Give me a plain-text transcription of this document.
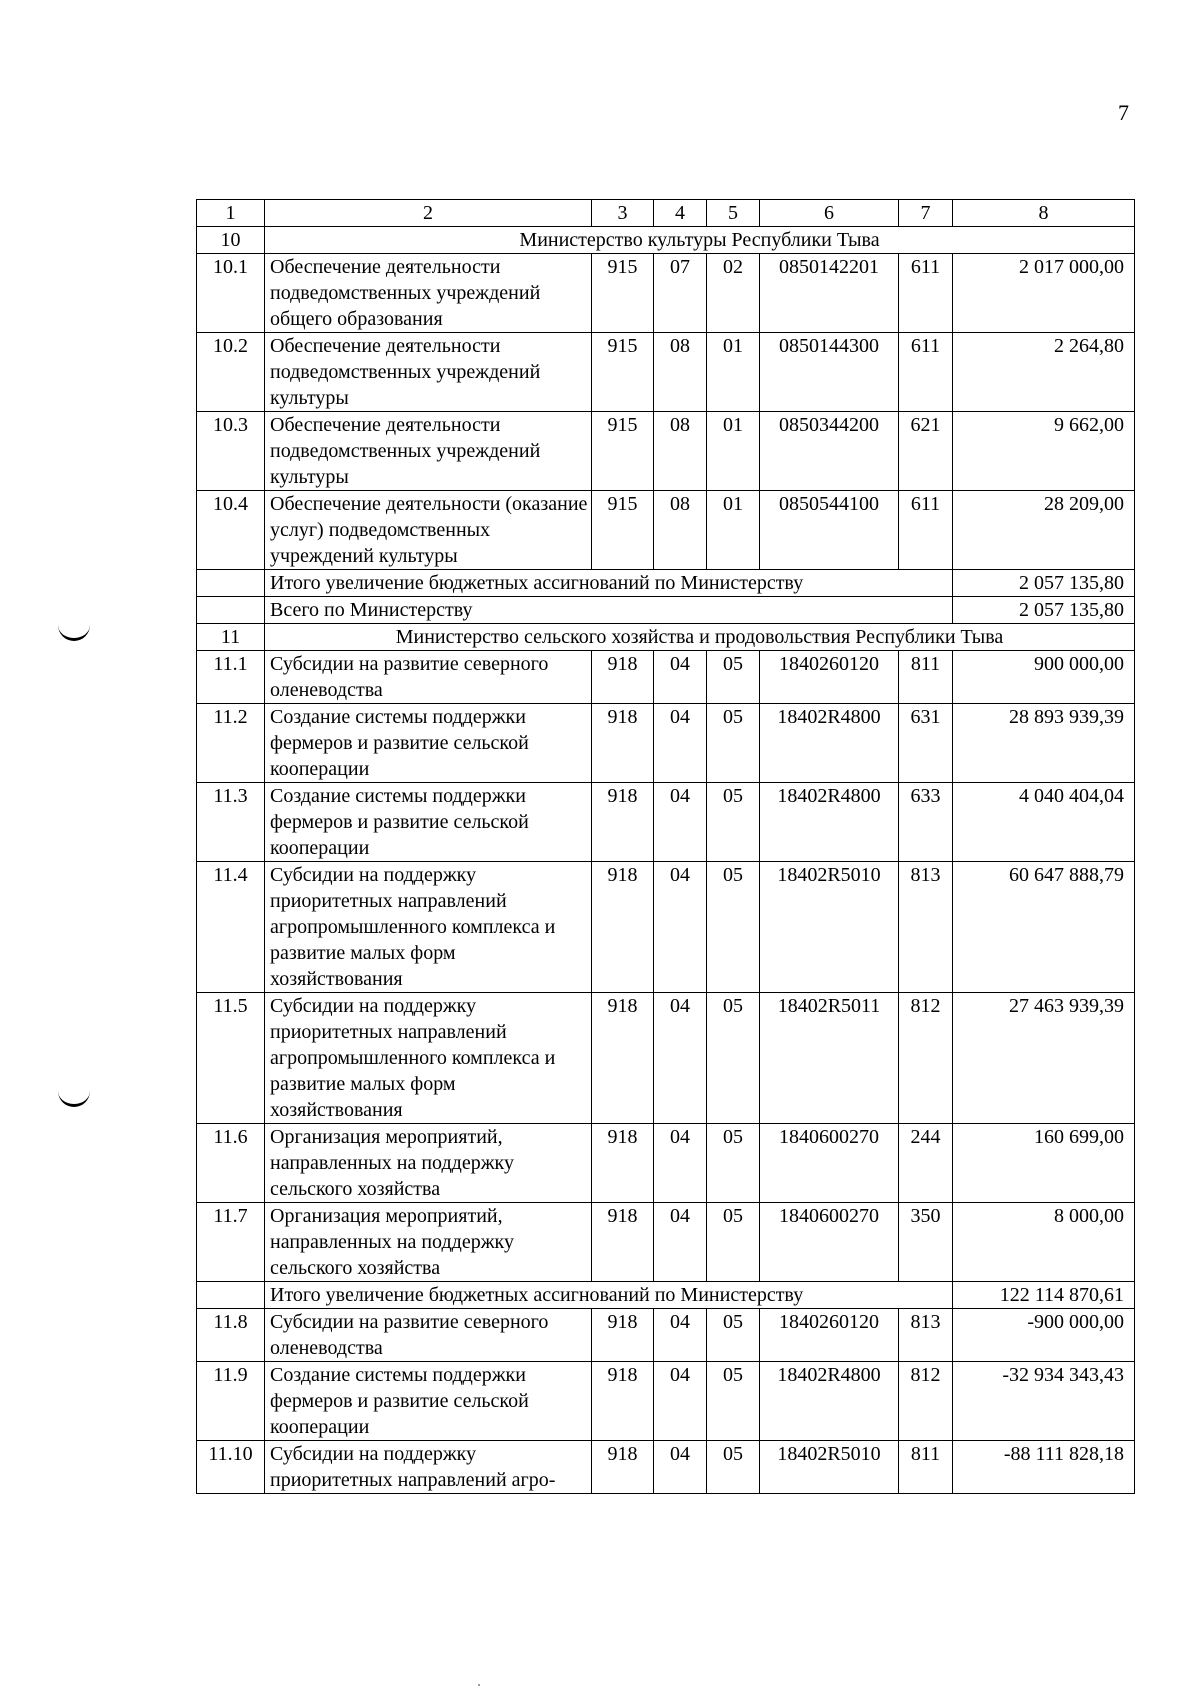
7
1	2	3	4	5	6	7	8
10	Министерство культуры Республики Тыва						
10.1	Обеспечение деятельности подведомственных учреждений общего образования	915	07	02	0850142201	611	2 017 000,00
10.2	Обеспечение деятельности подведомственных учреждений культуры	915	08	01	0850144300	611	2 264,80
10.3	Обеспечение деятельности подведомственных учреждений культуры	915	08	01	0850344200	621	9 662,00
10.4	Обеспечение деятельности (оказание услуг) подведомственных учреждений культуры	915	08	01	0850544100	611	28 209,00
	Итого увеличение бюджетных ассигнований по Министерству						2 057 135,80
	Всего по Министерству						2 057 135,80
11	Министерство сельского хозяйства и продовольствия Республики Тыва						
11.1	Субсидии на развитие северного оленеводства	918	04	05	1840260120	811	900 000,00
11.2	Создание системы поддержки фермеров и развитие сельской кооперации	918	04	05	18402R4800	631	28 893 939,39
11.3	Создание системы поддержки фермеров и развитие сельской кооперации	918	04	05	18402R4800	633	4 040 404,04
11.4	Субсидии на поддержку приоритетных направлений агропромышленного комплекса и развитие малых форм хозяйствования	918	04	05	18402R5010	813	60 647 888,79
11.5	Субсидии на поддержку приоритетных направлений агропромышленного комплекса и развитие малых форм хозяйствования	918	04	05	18402R5011	812	27 463 939,39
11.6	Организация мероприятий, направленных на поддержку сельского хозяйства	918	04	05	1840600270	244	160 699,00
11.7	Организация мероприятий, направленных на поддержку сельского хозяйства	918	04	05	1840600270	350	8 000,00
	Итого увеличение бюджетных ассигнований по Министерству						122 114 870,61
11.8	Субсидии на развитие северного оленеводства	918	04	05	1840260120	813	-900 000,00
11.9	Создание системы поддержки фермеров и развитие сельской кооперации	918	04	05	18402R4800	812	-32 934 343,43
11.10	Субсидии на поддержку приоритетных направлений агро-	918	04	05	18402R5010	811	-88 111 828,18
